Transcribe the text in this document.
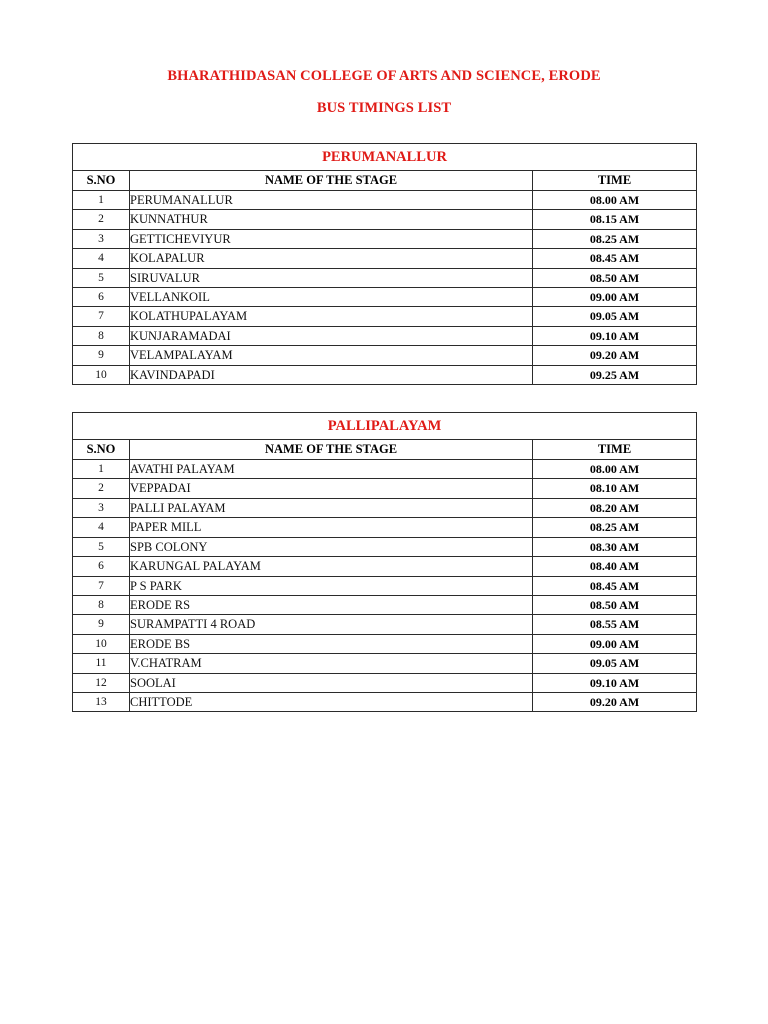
BHARATHIDASAN COLLEGE OF ARTS AND SCIENCE, ERODE
BUS TIMINGS LIST
PERUMANALLUR		
S.NO	NAME OF THE STAGE	TIME
1	PERUMANALLUR	08.00 AM
2	KUNNATHUR	08.15 AM
3	GETTICHEVIYUR	08.25 AM
4	KOLAPALUR	08.45 AM
5	SIRUVALUR	08.50 AM
6	VELLANKOIL	09.00 AM
7	KOLATHUPALAYAM	09.05 AM
8	KUNJARAMADAI	09.10 AM
9	VELAMPALAYAM	09.20 AM
10	KAVINDAPADI	09.25 AM
PALLIPALAYAM		
S.NO	NAME OF THE STAGE	TIME
1	AVATHI PALAYAM	08.00 AM
2	VEPPADAI	08.10 AM
3	PALLI PALAYAM	08.20 AM
4	PAPER MILL	08.25 AM
5	SPB COLONY	08.30 AM
6	KARUNGAL PALAYAM	08.40 AM
7	P S PARK	08.45 AM
8	ERODE RS	08.50 AM
9	SURAMPATTI 4 ROAD	08.55 AM
10	ERODE BS	09.00 AM
11	V.CHATRAM	09.05 AM
12	SOOLAI	09.10 AM
13	CHITTODE	09.20 AM
